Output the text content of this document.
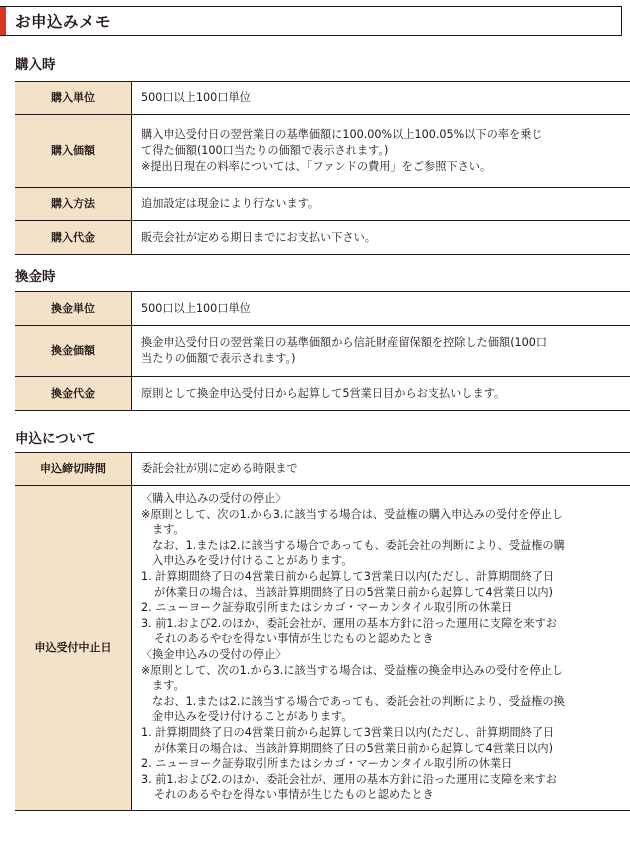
お申込みメモ
購入時
購入単位	500口以上100口単位

購入価額	購入申込受付日の翌営業日の基準価額に100.00%以上100.05%以下の率を乗じ
て得た価額(100口当たりの価額で表示されます。)
※提出日現在の料率については、「ファンドの費用」をご参照下さい。

購入方法	追加設定は現金により行ないます。

購入代金	販売会社が定める期日までにお支払い下さい。
換金時
換金単位	500口以上100口単位

換金価額	換金申込受付日の翌営業日の基準価額から信託財産留保額を控除した価額(100口
当たりの価額で表示されます。)

換金代金	原則として換金申込受付日から起算して5営業日目からお支払いします。
申込について
申込締切時間	委託会社が別に定める時限まで

申込受付中止日	
〈購入申込みの受付の停止〉
※原則として、次の1.から3.に該当する場合は、受益権の購入申込みの受付を停止し
ます。
なお、1.または2.に該当する場合であっても、委託会社の判断により、受益権の購
入申込みを受け付けることがあります。
1. 計算期間終了日の4営業日前から起算して3営業日以内(ただし、計算期間終了日
が休業日の場合は、当該計算期間終了日の5営業日前から起算して4営業日以内)
2. ニューヨーク証券取引所またはシカゴ・マーカンタイル取引所の休業日
3. 前1.および2.のほか、委託会社が、運用の基本方針に沿った運用に支障を来すお
それのあるやむを得ない事情が生じたものと認めたとき
〈換金申込みの受付の停止〉
※原則として、次の1.から3.に該当する場合は、受益権の換金申込みの受付を停止し
ます。
なお、1.または2.に該当する場合であっても、委託会社の判断により、受益権の換
金申込みを受け付けることがあります。
1. 計算期間終了日の4営業日前から起算して3営業日以内(ただし、計算期間終了日
が休業日の場合は、当該計算期間終了日の5営業日前から起算して4営業日以内)
2. ニューヨーク証券取引所またはシカゴ・マーカンタイル取引所の休業日
3. 前1.および2.のほか、委託会社が、運用の基本方針に沿った運用に支障を来すお
それのあるやむを得ない事情が生じたものと認めたとき
